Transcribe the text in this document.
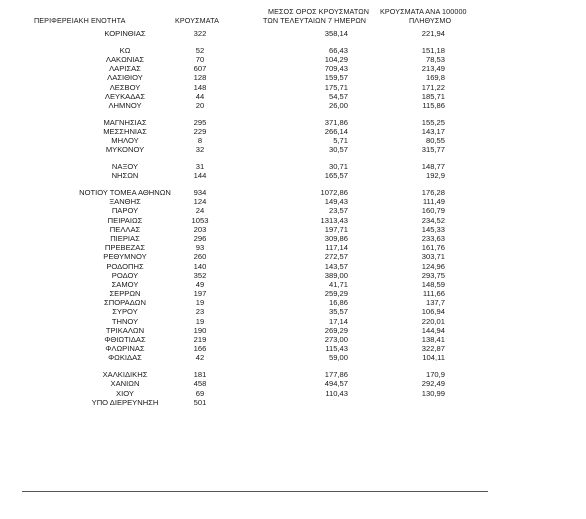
ΠΕΡΙΦΕΡΕΙΑΚΗ ΕΝΟΤΗΤΑ	ΚΡΟΥΣΜΑΤΑ
ΜΕΣΟΣ ΟΡΟΣ ΚΡΟΥΣΜΑΤΩΝ
ΤΩΝ ΤΕΛΕΥΤΑΙΩΝ 7 ΗΜΕΡΩΝ
ΚΡΟΥΣΜΑΤΑ ΑΝΑ 100000
ΠΛΗΘΥΣΜΟ
ΚΟΡΙΝΘΙΑΣ	322	358,14	221,94
ΚΩ	52	66,43	151,18
ΛΑΚΩΝΙΑΣ	70	104,29	78,53
ΛΑΡΙΣΑΣ	607	709,43	213,49
ΛΑΣΙΘΙΟΥ	128	159,57	169,8
ΛΕΣΒΟΥ	148	175,71	171,22
ΛΕΥΚΑΔΑΣ	44	54,57	185,71
ΛΗΜΝΟΥ	20	26,00	115,86
ΜΑΓΝΗΣΙΑΣ	295	371,86	155,25
ΜΕΣΣΗΝΙΑΣ	229	266,14	143,17
ΜΗΛΟΥ	8	5,71	80,55
ΜΥΚΟΝΟΥ	32	30,57	315,77
ΝΑΞΟΥ	31	30,71	148,77
ΝΗΣΩΝ	144	165,57	192,9
ΝΟΤΙΟΥ ΤΟΜΕΑ ΑΘΗΝΩΝ	934	1072,86	176,28
ΞΑΝΘΗΣ	124	149,43	111,49
ΠΑΡΟΥ	24	23,57	160,79
ΠΕΙΡΑΙΩΣ	1053	1313,43	234,52
ΠΕΛΛΑΣ	203	197,71	145,33
ΠΙΕΡΙΑΣ	296	309,86	233,63
ΠΡΕΒΕΖΑΣ	93	117,14	161,76
ΡΕΘΥΜΝΟΥ	260	272,57	303,71
ΡΟΔΟΠΗΣ	140	143,57	124,96
ΡΟΔΟΥ	352	389,00	293,75
ΣΑΜΟΥ	49	41,71	148,59
ΣΕΡΡΩΝ	197	259,29	111,66
ΣΠΟΡΑΔΩΝ	19	16,86	137,7
ΣΥΡΟΥ	23	35,57	106,94
ΤΗΝΟΥ	19	17,14	220,01
ΤΡΙΚΑΛΩΝ	190	269,29	144,94
ΦΘΙΩΤΙΔΑΣ	219	273,00	138,41
ΦΛΩΡΙΝΑΣ	166	115,43	322,87
ΦΩΚΙΔΑΣ	42	59,00	104,11
ΧΑΛΚΙΔΙΚΗΣ	181	177,86	170,9
ΧΑΝΙΩΝ	458	494,57	292,49
ΧΙΟΥ	69	110,43	130,99
ΥΠΟ ΔΙΕΡΕΥΝΗΣΗ	501
